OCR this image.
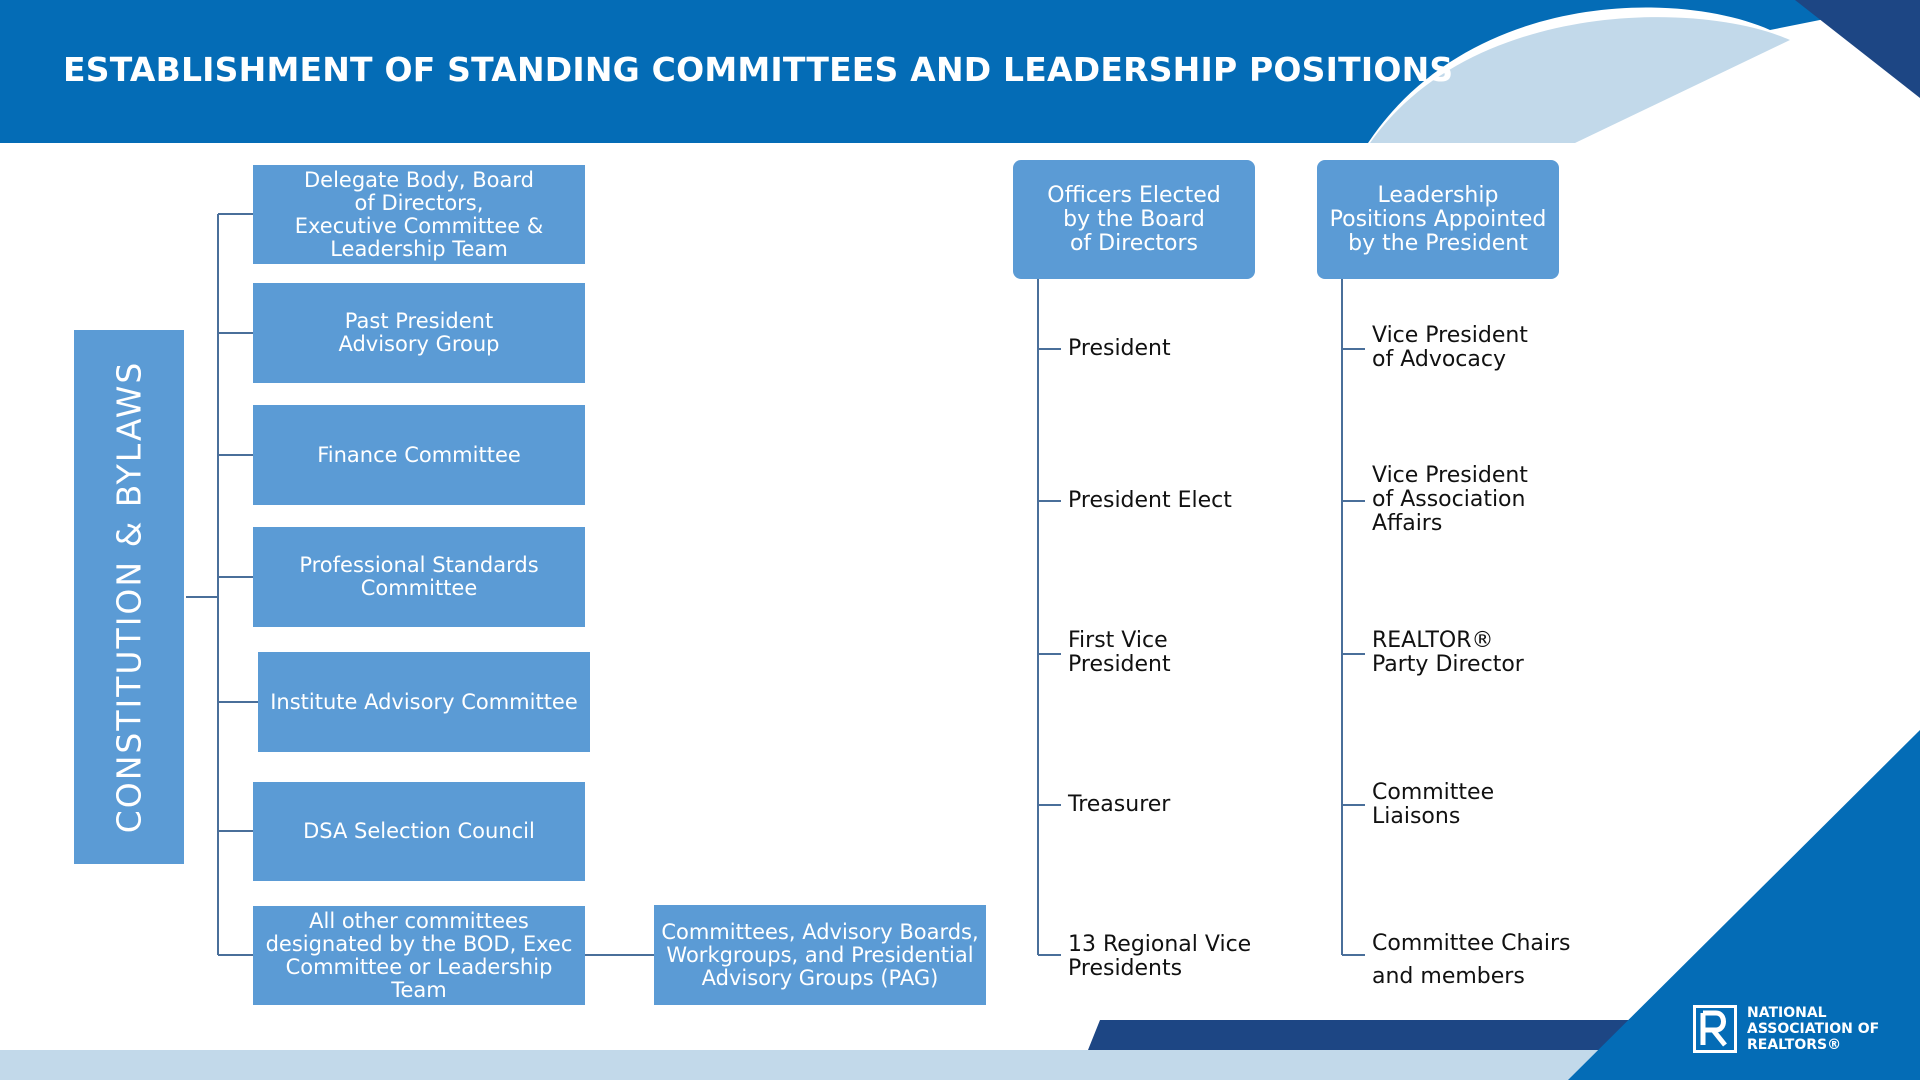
ESTABLISHMENT OF STANDING COMMITTEES AND LEADERSHIP POSITIONS
CONSTITUTION & BYLAWS
Delegate Body, Board
of Directors,
Executive Committee &
Leadership Team
Past President
Advisory Group
Finance Committee
Professional Standards
Committee
Institute Advisory Committee
DSA Selection Council
All other committees
designated by the BOD, Exec
Committee or Leadership
Team
Committees, Advisory Boards,
Workgroups, and Presidential
Advisory Groups (PAG)
Officers Elected
by the Board
of Directors
President
President Elect
First Vice
President
Treasurer
13 Regional Vice
Presidents
Leadership
Positions Appointed
by the President
Vice President
of Advocacy
Vice President
of Association
Affairs
REALTOR®
Party Director
Committee
Liaisons
Committee Chairs
and members
NATIONAL
ASSOCIATION OF
REALTORS®
